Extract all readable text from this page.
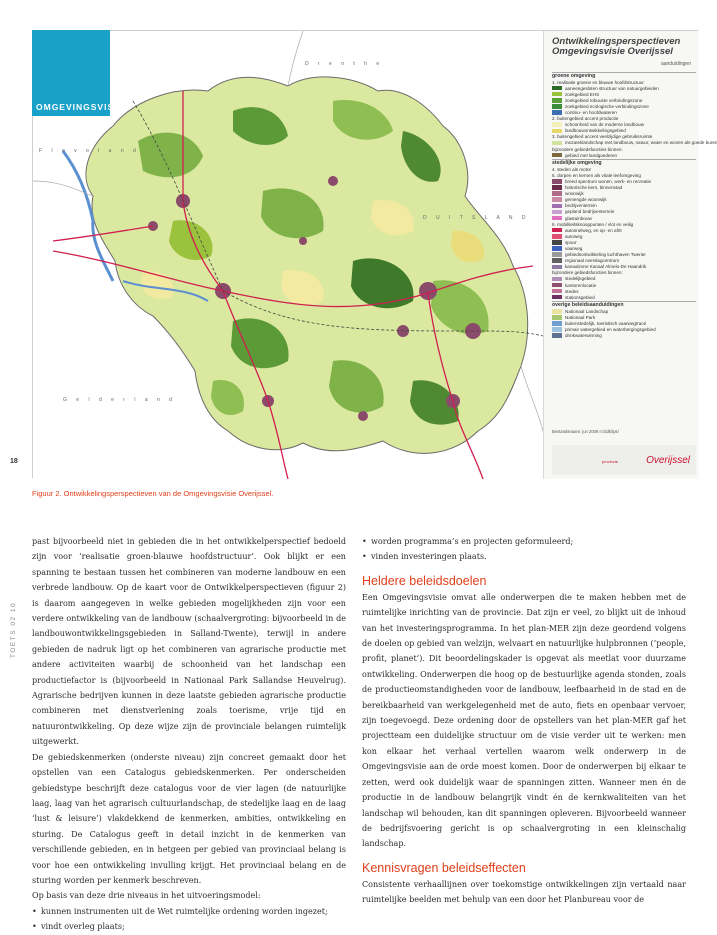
D r e n t h e
F l e v o l a n d
D U I T S L A N D
G e l d e r l a n d
Ontwikkelingsperspectieven Omgevingsvisie Overijssel
aanduidingen
groene omgeving
1. realisatie groene en blauwe hoofdstructuur
aaneengesloten structuur van natuurgebieden
zoekgebied EHS
zoekgebied robuuste verbindingszone
zoekgebied ecologische verbindingszone
continu- en hoofdwateren
2. buitengebied accent productie
schoonheid van de moderne landbouw
landbouwontwikkelingsgebied
3. buitengebied accent veelzijdige gebruiksruimte
mozaïeklandschap met landbouw, natuur, water en wonen als goede buren
bijzondere gebiedsfuncties binnen:
gebied met landgoederen
stedelijke omgeving
4. steden als motor
5. dorpen en kernen als vitale leefomgeving
breed spectrum wonen, werk- en recreatie
historische kern, binnenstad
woonwijk
gemengde woonwijk
bedrijventerrein
gepland bedrijventerrein
glastuinbouw
6. mobiliteitsknooppunten / vlot en veilig
autosnelweg, en op- en afrit
autoweg
spoor
vaarweg
gebiedsontwikkeling luchthaven Twente
regionaal overslagcentrum
kanaalzone Kanaal Almelo-De Haandrik
bijzondere gebiedsfuncties binnen:
stedelijkgebied
kantorenlocatie
stedes
stationsgebied
overige beleidsaanduidingen
Nationaal Landschap
Nationaal Park
buitenstedelijk, toeristisch vaarwegtracé
primair watergebied en waterbergingsgebied
drinkwaterwinning
Bestandsnaam: jun 2009 n:/ddk/tps/
provincie	Overijssel
OMGEVINGSVISIE
18
Figuur 2. Ontwikkelingsperspectieven van de Omgevingsvisie Overijssel.
TOETS 02 10

past bijvoorbeeld niet in gebieden die in het ontwikkelperspectief bedoeld zijn voor ‘realisatie groen-blauwe hoofdstructuur’. Ook blijkt er een spanning te bestaan tussen het combineren van moderne landbouw en een verbrede landbouw. Op de kaart voor de Ontwikkelperspectieven (figuur 2) is daarom aangegeven in welke gebieden mogelijkheden zijn voor een verdere ontwikkeling van de landbouw (schaalvergroting: bijvoorbeeld in de landbouwontwikkelingsgebieden in Salland-Twente), terwijl in andere gebieden de nadruk ligt op het combineren van agrarische productie met andere activiteiten waarbij de schoonheid van het landschap een productiefactor is (bijvoorbeeld in Nationaal Park Sallandse Heuvelrug). Agrarische bedrijven kunnen in deze laatste gebieden agrarische productie combineren met dienstverlening zoals toerisme, vrije tijd en natuurontwikkeling. Op deze wijze zijn de provinciale belangen ruimtelijk uitgewerkt.

De gebiedskenmerken (onderste niveau) zijn concreet gemaakt door het opstellen van een Catalogus gebiedskenmerken. Per onderscheiden gebiedstype beschrijft deze catalogus voor de vier lagen (de natuurlijke laag, laag van het agrarisch cultuurlandschap, de stedelijke laag en de laag ‘lust & leisure’) vlakdekkend de kenmerken, ambities, ontwikkeling en sturing. De Catalogus geeft in detail inzicht in de kenmerken van verschillende gebieden, en in hetgeen per gebied van provinciaal belang is voor hoe een ontwikkeling invulling krijgt. Het provinciaal belang en de sturing worden per kenmerk beschreven.

Op basis van deze drie niveaus in het uitvoeringsmodel:

• kunnen instrumenten uit de Wet ruimtelijke ordening worden ingezet;
• vindt overleg plaats;
• worden programma’s en projecten geformuleerd;
• vinden investeringen plaats.
Heldere beleidsdoelen

Een Omgevingsvisie omvat alle onderwerpen die te maken hebben met de ruimtelijke inrichting van de provincie. Dat zijn er veel, zo blijkt uit de inhoud van het investeringsprogramma. In het plan-MER zijn deze geordend volgens de doelen op gebied van welzijn, welvaart en natuurlijke hulpbronnen (‘people, profit, planet’). Dit beoordelingskader is opgevat als meetlat voor duurzame ontwikkeling. Onderwerpen die hoog op de bestuurlijke agenda stonden, zoals de productieomstandigheden voor de landbouw, leefbaarheid in de stad en de bereikbaarheid van werkgelegenheid met de auto, fiets en openbaar vervoer, zijn toegevoegd. Deze ordening door de opstellers van het plan-MER gaf het projectteam een duidelijke structuur om de visie verder uit te werken: men kon elkaar het verhaal vertellen waarom welk onderwerp in de Omgevingsvisie aan de orde moest komen. Door de onderwerpen bij elkaar te zetten, werd ook duidelijk waar de spanningen zitten. Wanneer men én de productie in de landbouw belangrijk vindt én de kernkwaliteiten van het landschap wil behouden, kan dit spanningen opleveren. Bijvoorbeeld wanneer de bedrijfsvoering gericht is op schaalvergroting in een kleinschalig landschap.

Kennisvragen beleidseffecten

Consistente verhaallijnen over toekomstige ontwikkelingen zijn vertaald naar ruimtelijke beelden met behulp van een door het Planbureau voor de
